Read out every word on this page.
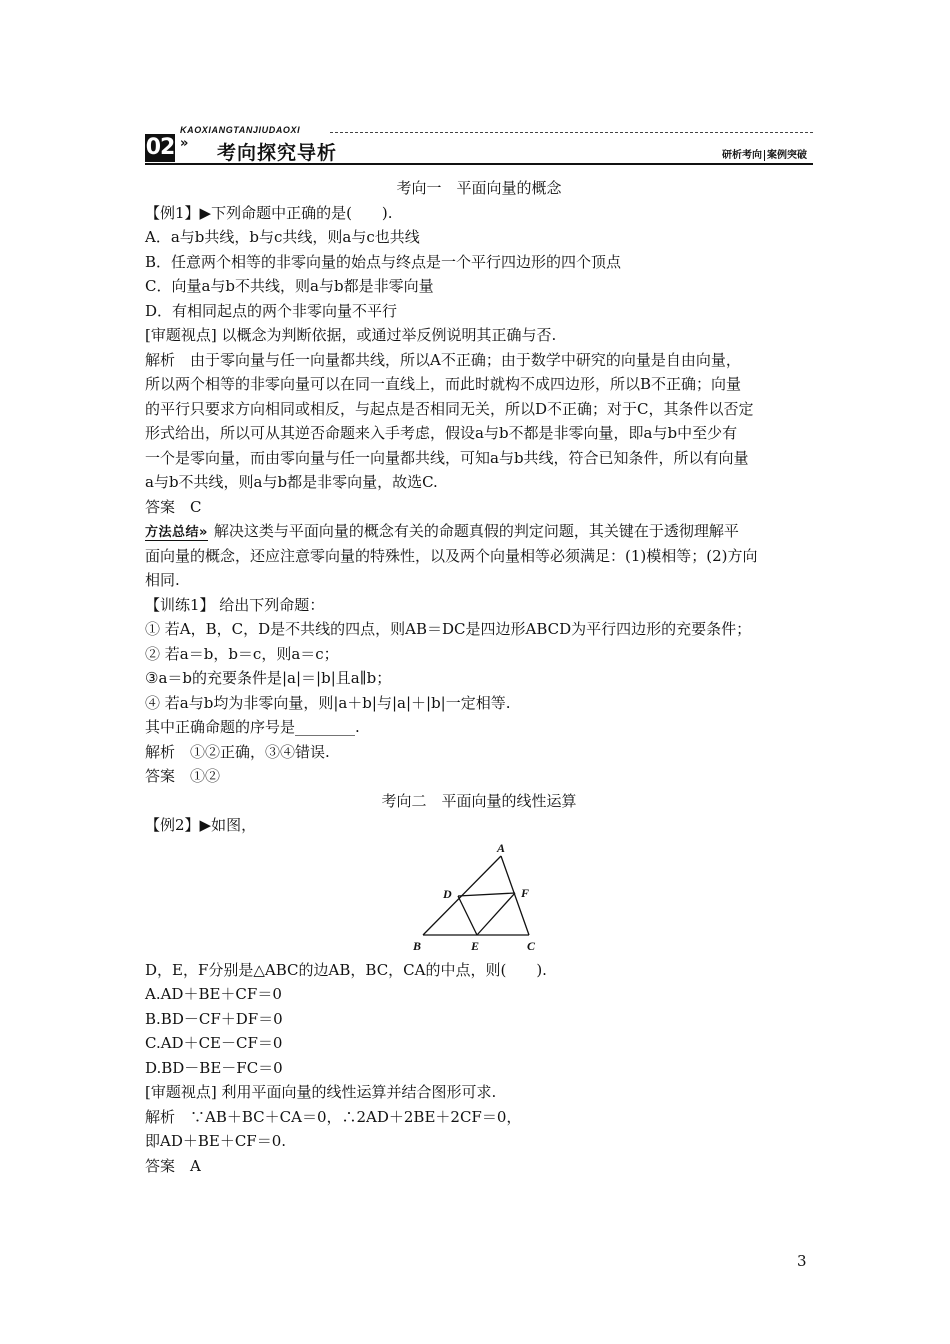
02
KAOXIANGTANJIUDAOXI
» 考向探究导析	研析考向 案例突破
考向一　平面向量的概念
【例1】▶下列命题中正确的是(　　).
A．a与b共线，b与c共线，则a与c也共线
B．任意两个相等的非零向量的始点与终点是一个平行四边形的四个顶点
C．向量a与b不共线，则a与b都是非零向量
D．有相同起点的两个非零向量不平行
[审题视点] 以概念为判断依据，或通过举反例说明其正确与否.
解析　由于零向量与任一向量都共线，所以A不正确；由于数学中研究的向量是自由向量，
所以两个相等的非零向量可以在同一直线上，而此时就构不成四边形，所以B不正确；向量
的平行只要求方向相同或相反，与起点是否相同无关，所以D不正确；对于C，其条件以否定
形式给出，所以可从其逆否命题来入手考虑，假设a与b不都是非零向量，即a与b中至少有
一个是零向量，而由零向量与任一向量都共线，可知a与b共线，符合已知条件，所以有向量
a与b不共线，则a与b都是非零向量，故选C.
答案　C
方法总结» 解决这类与平面向量的概念有关的命题真假的判定问题，其关键在于透彻理解平
面向量的概念，还应注意零向量的特殊性，以及两个向量相等必须满足：(1)模相等；(2)方向
相同.
【训练1】 给出下列命题：
① 若A，B，C，D是不共线的四点，则AB＝DC是四边形ABCD为平行四边形的充要条件；
② 若a＝b，b＝c，则a＝c；
③a＝b的充要条件是|a|＝|b|且a∥b；
④ 若a与b均为非零向量，则|a＋b|与|a|＋|b|一定相等.
其中正确命题的序号是________.
解析　①②正确，③④错误.
答案　①②
考向二　平面向量的线性运算
【例2】▶如图，
A
B	C
D
E
F
D，E，F分别是△ABC的边AB，BC，CA的中点，则(　　).
A.AD＋BE＋CF＝0
B.BD－CF＋DF＝0
C.AD＋CE－CF＝0
D.BD－BE－FC＝0
[审题视点] 利用平面向量的线性运算并结合图形可求.
解析　∵AB＋BC＋CA＝0，∴2AD＋2BE＋2CF＝0，
即AD＋BE＋CF＝0.
答案　A
3
